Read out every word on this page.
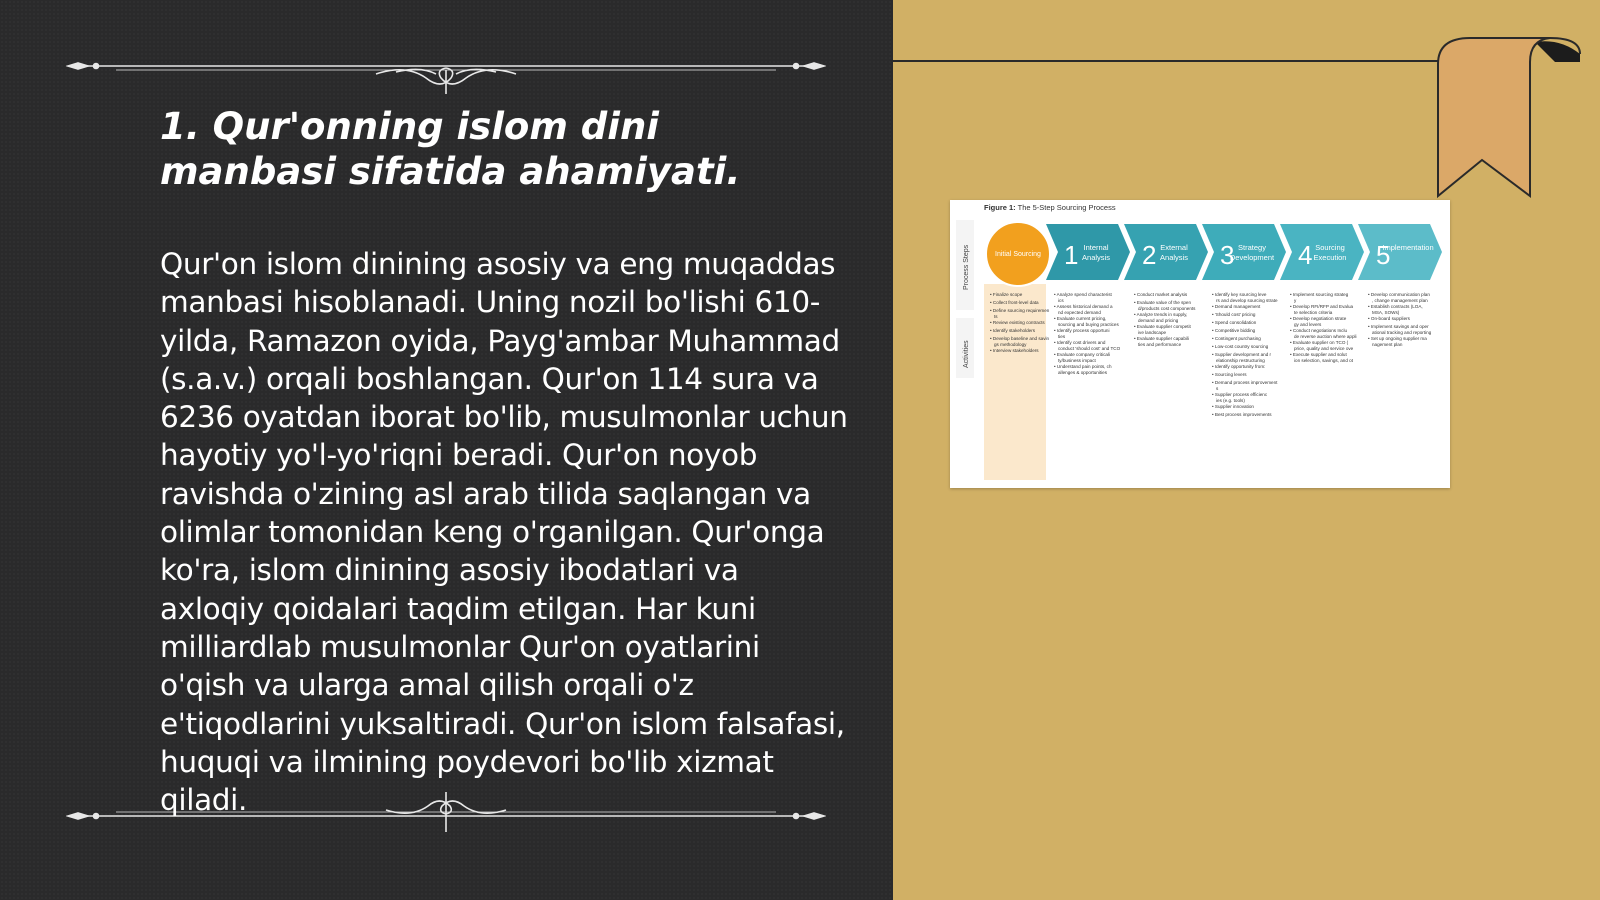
1. Qur'onning islom dini manbasi sifatida ahamiyati.

Qur'on islom dinining asosiy va eng muqaddas manbasi hisoblanadi. Uning nozil bo'lishi 610-yilda, Ramazon oyida, Payg'ambar Muhammad (s.a.v.) orqali boshlangan. Qur'on 114 sura va 6236 oyatdan iborat bo'lib, musulmonlar uchun hayotiy yo'l-yo'riqni beradi. Qur'on noyob ravishda o'zining asl arab tilida saqlangan va olimlar tomonidan keng o'rganilgan. Qur'onga ko'ra, islom dinining asosiy ibodatlari va axloqiy qoidalari taqdim etilgan. Har kuni milliardlab musulmonlar Qur'on oyatlarini o'qish va ularga amal qilish orqali o'z e'tiqodlarini yuksaltiradi. Qur'on islom falsafasi, huquqi va ilmining poydevori bo'lib xizmat qiladi.

Figure 1: The 5-Step Sourcing Process
Process Steps
Activities
1 Internal
Analysis 2 External
Analysis 3 Strategy
Development 4 Sourcing
Execution 5
Implementation
Initial Sourcing
• Finalize scope
• Collect front-level data
• Define sourcing requiremen
ts
• Review existing contracts
• Identify stakeholders
• Develop baseline and savin
gs methodology
• Interview stakeholders
• Analyze spend characterist
ics
• Assess historical demand a
nd expected demand
• Evaluate current pricing,
sourcing and buying practices
• Identify process opportuni
ties
• Identify cost drivers and
conduct 'should cost' and TCO
• Evaluate company criticali
ty/business impact
• Understand pain points, ch
allenges & opportunities
• Conduct market analysis
• Evaluate value of the spen
d/products cost components
• Analyze trends in supply,
demand and pricing
• Evaluate supplier competit
ive landscape
• Evaluate supplier capabili
ties and performance
• Identify key sourcing leve
rs and develop sourcing strate
• Demand management
• 'Should cost' pricing
• Spend consolidation
• Competitive bidding
• Contingent purchasing
• Low-cost country sourcing
• Supplier development and r
elationship restructuring
• Identify opportunity from:
• Sourcing levers
• Demand process improvement
s
• Supplier process efficienc
ies (e.g. tools)
• Supplier innovation
• Best process improvements
• Implement sourcing strateg
y
• Develop RFI/RFP and Evalua
te selection criteria
• Develop negotiation strate
gy and levers
• Conduct negotiations Inclu
de reverse auction where appli
• Evaluate supplier on TCO (
price, quality and service ove
• Execute supplier and solut
ion selection, savings, and ot
• Develop communication plan
, change management plan
• Establish contracts (LOA,
MSA, SOWs)
• On-board suppliers
• Implement savings and oper
ational tracking and reporting
• Set up ongoing supplier ma
nagement plan
